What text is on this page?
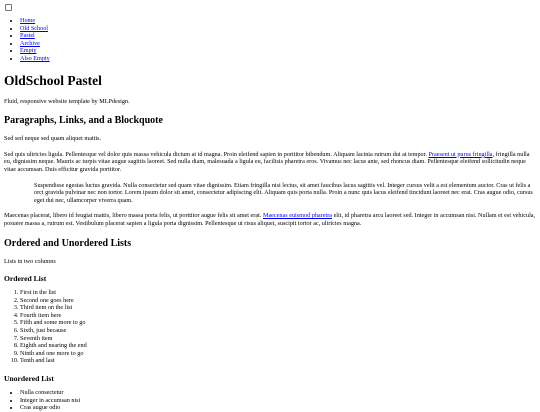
• Home
• Old School
• Pastel
• Archive
• Empty
• Also Empty
OldSchool Pastel

Fluid, responsive website template by MLPdesign.

Paragraphs, Links, and a Blockquote

Sed sed neque sed quam aliquet mattis.

Sed quis ultricies ligula. Pellentesque vel dolor quis massa vehicula dictum at id magna. Proin eleifend sapien in porttitor bibendum. Aliquam lacinia rutrum dui at tempor. Praesent ut purus fringilla, fringilla nulla eu, dignissim neque. Mauris ac turpis vitae augue sagittis laoreet. Sed nulla diam, malesuada a ligula eu, facilisis pharetra eros. Vivamus nec lacus ante, sed rhoncus diam. Pellentesque eleifend sollicitudin neque vitae accumsan. Duis efficitur gravida porttitor.

Suspendisse egestas luctus gravida. Nulla consectetur sed quam vitae dignissim. Etiam fringilla nisi lectus, sit amet faucibus lacus sagittis vel. Integer cursus velit a est elementum auctor. Cras ut felis a orci gravida pulvinar nec non tortor. Lorem ipsum dolor sit amet, consectetur adipiscing elit. Aliquam quis porta nulla. Proin a nunc quis lacus eleifend tincidunt laoreet nec erat. Cras augue odio, cursus eget dui nec, ullamcorper viverra quam.

Maecenas placerat, libero id feugiat mattis, libero massa porta felis, ut porttitor augue felis sit amet erat. Maecenas euismod pharetra elit, id pharetra arcu laoreet sed. Integer in accumsan nisi. Nullam et est vehicula, posuere massa a, rutrum est. Vestibulum placerat sapien a ligula porta dignissim. Pellentesque ut risus aliquet, suscipit tortor ac, ultricies magna.

Ordered and Unordered Lists

Lists in two columns

Ordered List
1. First in the list
2. Second one goes here
3. Third item on the list
4. Fourth item here
5. Fifth and some more to go
6. Sixth, just because
7. Seventh item
8. Eighth and nearing the end
9. Ninth and one more to go
10. Tenth and last
Unordered List
• Nulla consectetur
• Integer in accumsan nisi
• Cras augue odio
